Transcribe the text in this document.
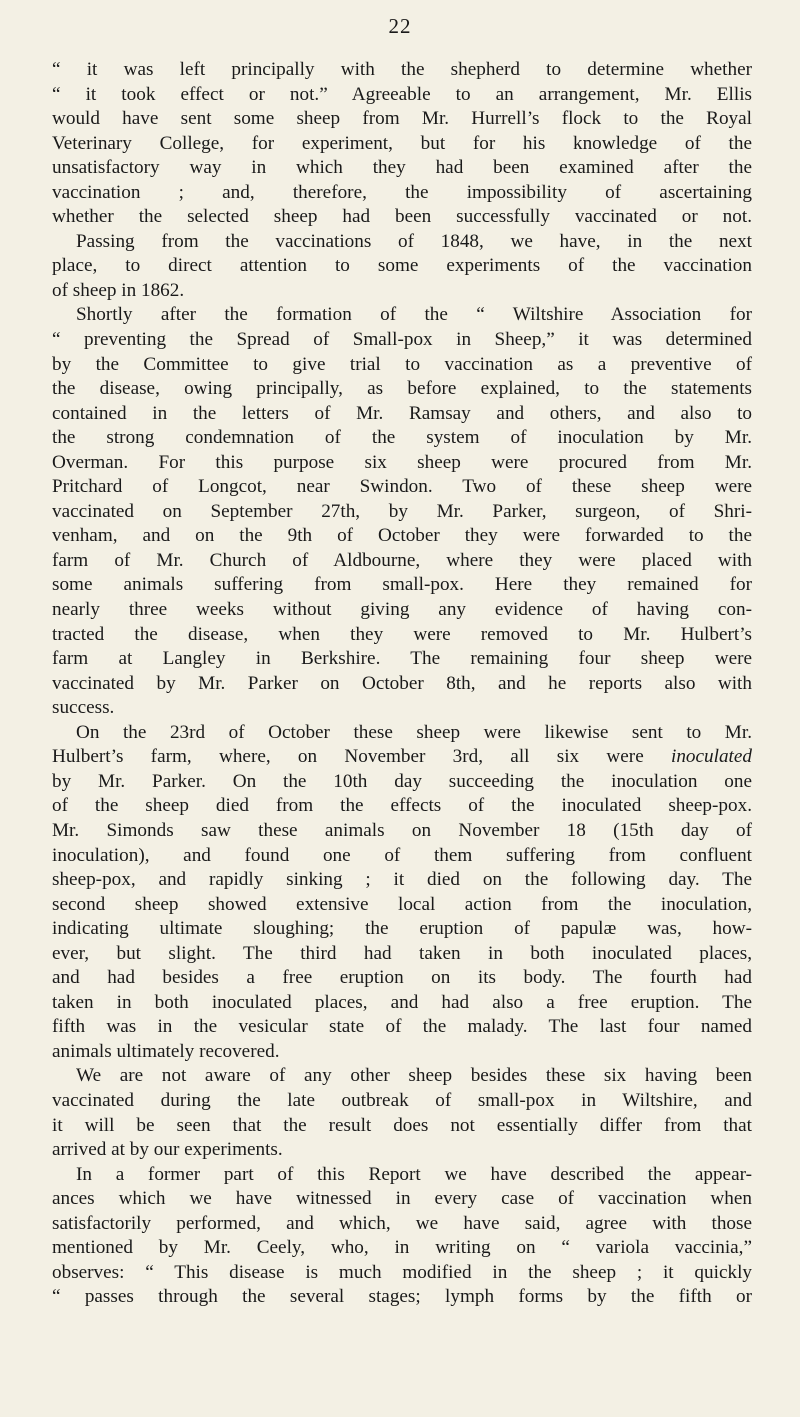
22
“ it was left principally with the shepherd to determine whether
“ it took effect or not.” Agreeable to an arrangement, Mr. Ellis
would have sent some sheep from Mr. Hurrell’s flock to the Royal
Veterinary College, for experiment, but for his knowledge of the
unsatisfactory way in which they had been examined after the
vaccination ; and, therefore, the impossibility of ascertaining
whether the selected sheep had been successfully vaccinated or not.
Passing from the vaccinations of 1848, we have, in the next
place, to direct attention to some experiments of the vaccination
of sheep in 1862.
Shortly after the formation of the “ Wiltshire Association for
“ preventing the Spread of Small-pox in Sheep,” it was determined
by the Committee to give trial to vaccination as a preventive of
the disease, owing principally, as before explained, to the statements
contained in the letters of Mr. Ramsay and others, and also to
the strong condemnation of the system of inoculation by Mr.
Overman. For this purpose six sheep were procured from Mr.
Pritchard of Longcot, near Swindon. Two of these sheep were
vaccinated on September 27th, by Mr. Parker, surgeon, of Shri-
venham, and on the 9th of October they were forwarded to the
farm of Mr. Church of Aldbourne, where they were placed with
some animals suffering from small-pox. Here they remained for
nearly three weeks without giving any evidence of having con-
tracted the disease, when they were removed to Mr. Hulbert’s
farm at Langley in Berkshire. The remaining four sheep were
vaccinated by Mr. Parker on October 8th, and he reports also with
success.
On the 23rd of October these sheep were likewise sent to Mr.
Hulbert’s farm, where, on November 3rd, all six were inoculated
by Mr. Parker. On the 10th day succeeding the inoculation one
of the sheep died from the effects of the inoculated sheep-pox.
Mr. Simonds saw these animals on November 18 (15th day of
inoculation), and found one of them suffering from confluent
sheep-pox, and rapidly sinking ; it died on the following day. The
second sheep showed extensive local action from the inoculation,
indicating ultimate sloughing; the eruption of papulæ was, how-
ever, but slight. The third had taken in both inoculated places,
and had besides a free eruption on its body. The fourth had
taken in both inoculated places, and had also a free eruption. The
fifth was in the vesicular state of the malady. The last four named
animals ultimately recovered.
We are not aware of any other sheep besides these six having been
vaccinated during the late outbreak of small-pox in Wiltshire, and
it will be seen that the result does not essentially differ from that
arrived at by our experiments.
In a former part of this Report we have described the appear-
ances which we have witnessed in every case of vaccination when
satisfactorily performed, and which, we have said, agree with those
mentioned by Mr. Ceely, who, in writing on “ variola vaccinia,”
observes: “ This disease is much modified in the sheep ; it quickly
“ passes through the several stages; lymph forms by the fifth or
